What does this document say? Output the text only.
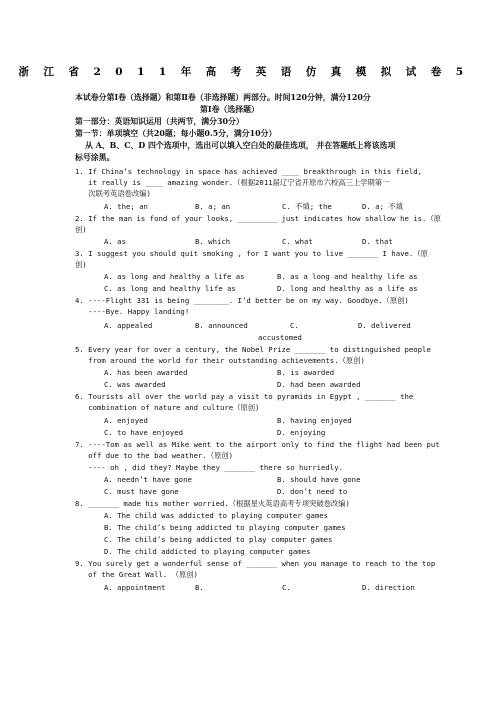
浙江省2011年高考英语仿真模拟试卷5
本试卷分第Ⅰ卷（选择题）和第Ⅱ卷（非选择题）两部分。时间120分钟，满分120分
第Ⅰ卷（选择题）
第一部分：英语知识运用（共两节，满分30分）
第一节：单项填空（共20题；每小题0.5分，满分10分）
从 A、B、C、D 四个选项中，选出可以填入空白处的最佳选项， 并在答题纸上将该选项
标号涂黑。
1. If China’s technology in space has achieved ____ breakthrough in this field,
it really is ____ amazing wonder.（根据2011届辽宁省开原市六校高三上学期第一
次联考英语卷改编)
A. the; an	B. a; an	C. 不填; the	D. a; 不填
2. If the man is fond of your looks, _________ just indicates how shallow he is.（原
创)
A. as	B. which	C. what	D. that
3. I suggest you should quit smoking , for I want you to live _______ I have.（原
创)
A. as long and healthy a life as	B. as a long and healthy life as
C. as long and healthy life as	D. long and healthy as a life as
4. ----Flight 331 is being ________. I’d better be on my way. Goodbye.（原创)
----Bye. Happy landing!
A. appealed	B. announced	C.	D. delivered
accustomed
5. Every year for over a century, the Nobel Prize _______ to distinguished people
from around the world for their outstanding achievements.（原创)
A. has been awarded	B. is awarded
C. was awarded	D. had been awarded
6. Tourists all over the world pay a visit to pyramids in Egypt , _______ the
combination of nature and culture（原创)
A. enjoyed	B. having enjoyed
C. to have enjoyed	D. enjoying
7. ----Tom as well as Mike went to the airport only to find the flight had been put
off due to the bad weather.（原创)
---- oh , did they? Maybe they _______ there so hurriedly.
A. needn’t have gone	B. should have gone
C. must have gone	D. don’t need to
8. _______ made his mother worried.（根据星火英语高考专项突破卷改编)
A. The child was addicted to playing computer games
B. The child’s being addicted to playing computer games
C. The child’s being addicted to play computer games
D. The child addicted to playing computer games
9. You surely get a wonderful sense of _______ when you manage to reach to the top
of the Great Wall. （原创)
A. appointment	B.	C.	D. direction
